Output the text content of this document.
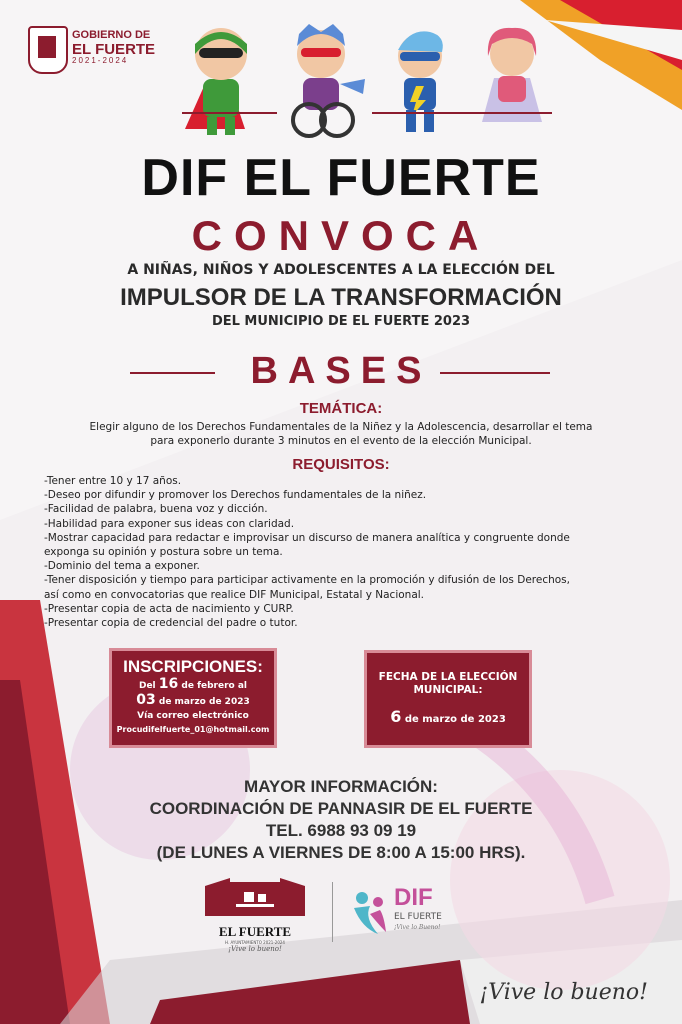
GOBIERNO DE
EL FUERTE
2021-2024
DIF EL FUERTE
CONVOCA
A NIÑAS, NIÑOS Y ADOLESCENTES A LA ELECCIÓN DEL
IMPULSOR DE LA TRANSFORMACIÓN
DEL MUNICIPIO DE EL FUERTE 2023
BASES
TEMÁTICA:
Elegir alguno de los Derechos Fundamentales de la Niñez y la Adolescencia, desarrollar el tema
para exponerlo durante 3 minutos en el evento de la elección Municipal.
REQUISITOS:
-Tener entre 10 y 17 años.
-Deseo por difundir y promover los Derechos fundamentales de la niñez.
-Facilidad de palabra, buena voz y dicción.
-Habilidad para exponer sus ideas con claridad.
-Mostrar capacidad para redactar e improvisar un discurso de manera analítica y congruente donde
exponga su opinión y postura sobre un tema.
-Dominio del tema a exponer.
-Tener disposición y tiempo para participar activamente en la promoción y difusión de los Derechos,
así como en convocatorias que realice DIF Municipal, Estatal y Nacional.
-Presentar copia de acta de nacimiento y CURP.
-Presentar copia de credencial del padre o tutor.
INSCRIPCIONES:
Del 16 de febrero al
03 de marzo de 2023
Vía correo electrónico
Procudifelfuerte_01@hotmail.com
FECHA DE LA ELECCIÓN
MUNICIPAL:
6 de marzo de 2023
MAYOR INFORMACIÓN:
COORDINACIÓN DE PANNASIR DE EL FUERTE
TEL. 6988 93 09 19
(DE LUNES A VIERNES DE 8:00 A 15:00 HRS).
EL FUERTE
H. AYUNTAMIENTO 2021-2024
¡Vive lo bueno!
DIF
EL FUERTE
¡Vive lo Bueno!
¡Vive lo bueno!
